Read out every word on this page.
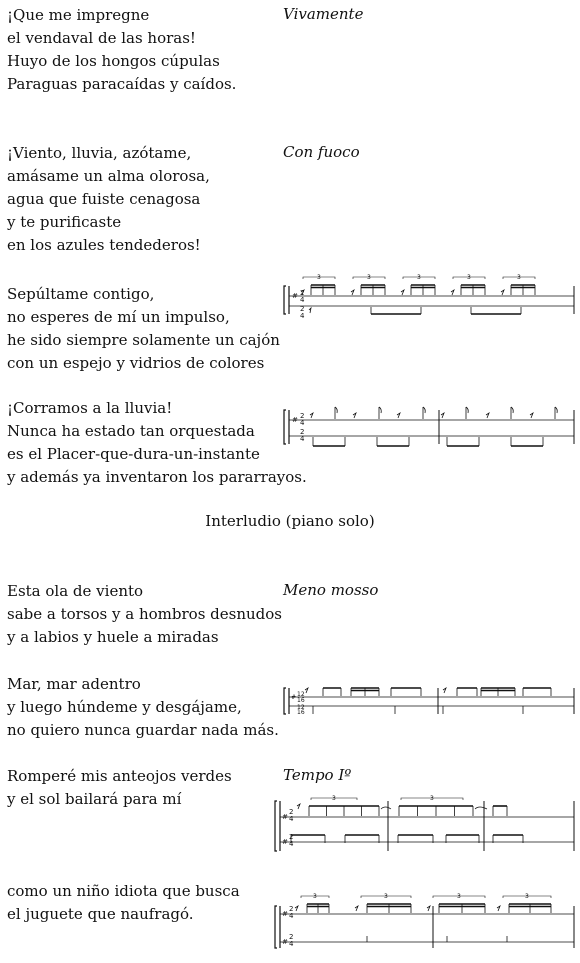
¡Que me impregne
el vendaval de las horas!
Huyo de los hongos cúpulas
Paraguas paracaídas y caídos.
¡Viento, lluvia, azótame,
amásame un alma olorosa,
agua que fuiste cenagosa
y te purificaste
en los azules tendederos!
Sepúltame contigo,
no esperes de mí un impulso,
he sido siempre solamente un cajón
con un espejo y vidrios de colores
¡Corramos a la lluvia!
Nunca ha estado tan orquestada
es el Placer-que-dura-un-instante
y además ya inventaron los pararrayos.
Esta ola de viento
sabe a torsos y a hombros desnudos
y a labios y huele a miradas
Mar, mar adentro
y luego húndeme y desgájame,
no quiero nunca guardar nada más.
Romperé mis anteojos verdes
y el sol bailará para mí
como un niño idiota que busca
el juguete que naufragó.
Vivamente
Con fuoco
Meno mosso
Tempo Iº
Interludio (piano solo)
2
4
#
2
4
3	3	3	3	3
# 2
4
2
4
# 12
16
12
16
#
2
4
#
2
4
3	3
#
2
4
#
2
4
3	3	3	3
